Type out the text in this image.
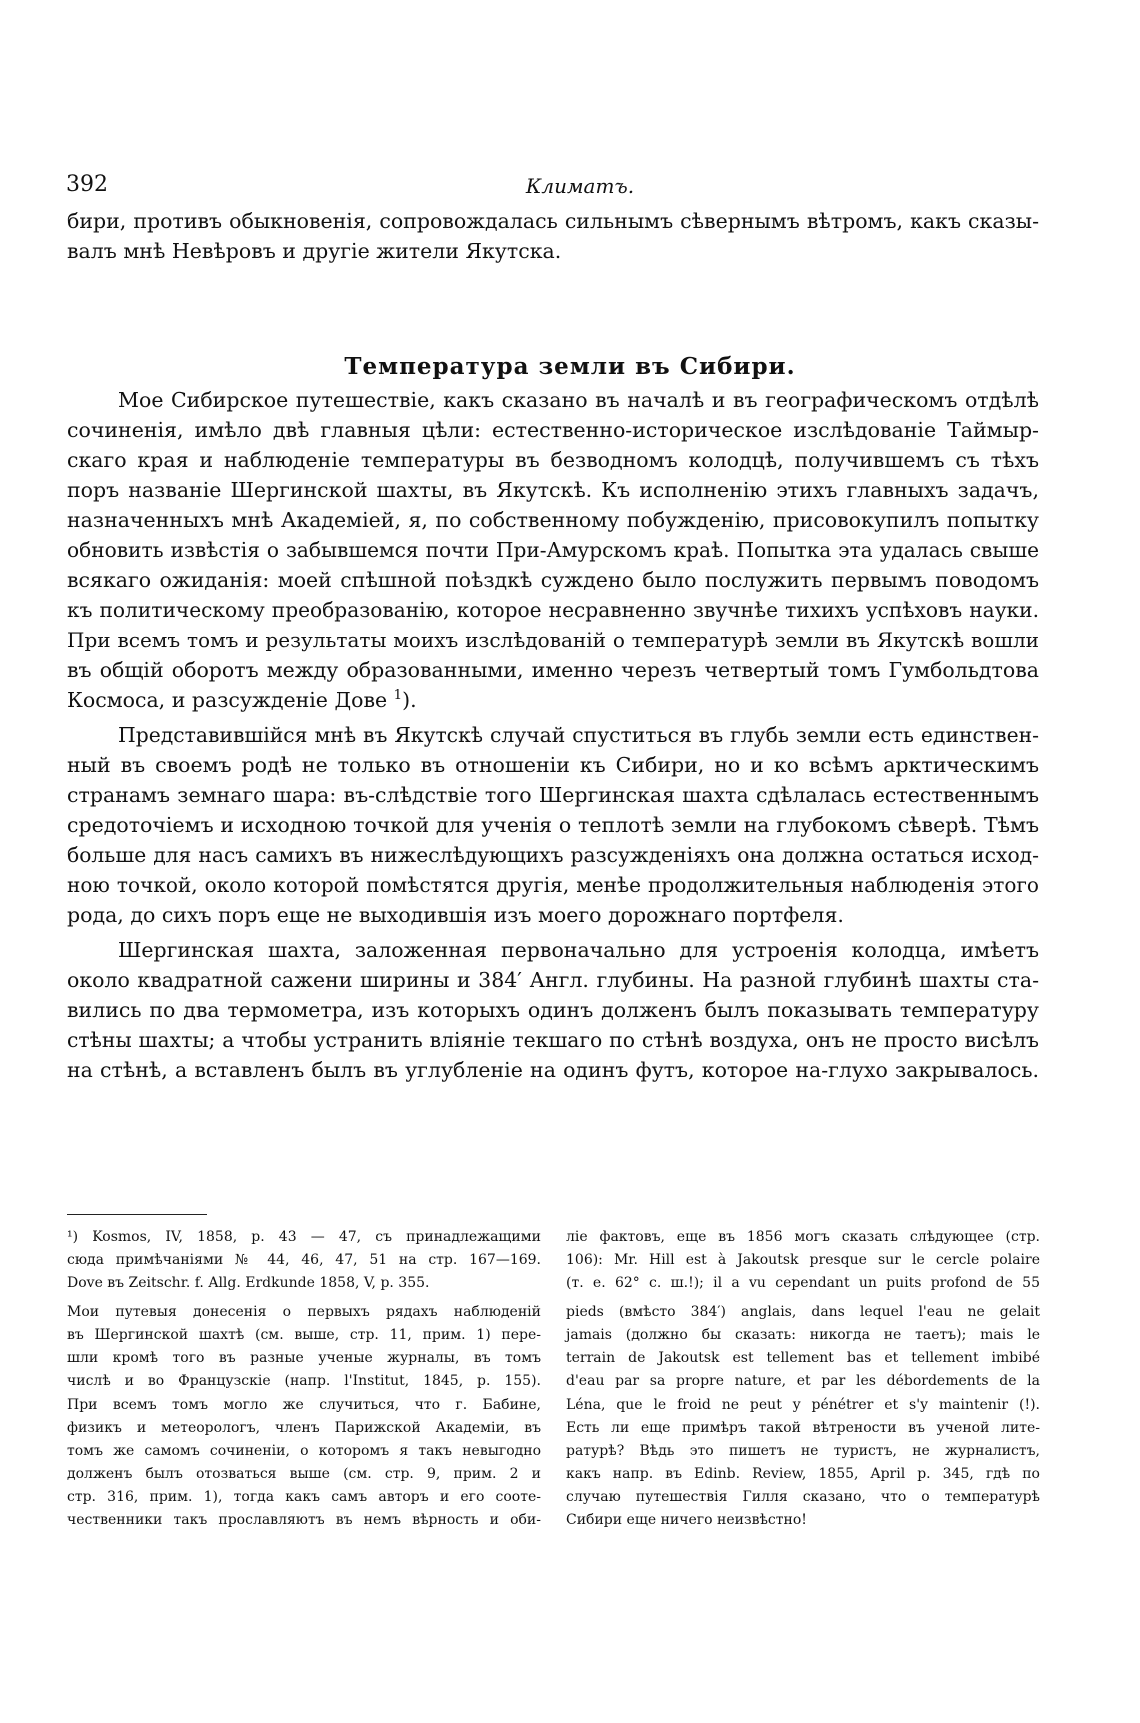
392	Климатъ.
бири, противъ обыкновенія, сопровождалась сильнымъ сѣвернымъ вѣтромъ, какъ сказы-
валъ мнѣ Невѣровъ и другіе жители Якутска.
Температура земли въ Сибири.
Мое Сибирское путешествіе, какъ сказано въ началѣ и въ географическомъ отдѣлѣ
сочиненія, имѣло двѣ главныя цѣли: естественно-историческое изслѣдованіе Таймыр-
скаго края и наблюденіе температуры въ безводномъ колодцѣ, получившемъ съ тѣхъ
поръ названіе Шергинской шахты, въ Якутскѣ. Къ исполненію этихъ главныхъ задачъ,
назначенныхъ мнѣ Академіей, я, по собственному побужденію, присовокупилъ попытку
обновить извѣстія о забывшемся почти При-Амурскомъ краѣ. Попытка эта удалась свыше
всякаго ожиданія: моей спѣшной поѣздкѣ суждено было послужить первымъ поводомъ
къ политическому преобразованію, которое несравненно звучнѣе тихихъ успѣховъ науки.
При всемъ томъ и результаты моихъ изслѣдованій о температурѣ земли въ Якутскѣ вошли
въ общій оборотъ между образованными, именно черезъ четвертый томъ Гумбольдтова
Космоса, и разсужденіе Дове $^1$).
Представившійся мнѣ въ Якутскѣ случай спуститься въ глубь земли есть единствен-
ный въ своемъ родѣ не только въ отношеніи къ Сибири, но и ко всѣмъ арктическимъ
странамъ земнаго шара: въ-слѣдствіе того Шергинская шахта сдѣлалась естественнымъ
средоточіемъ и исходною точкой для ученія о теплотѣ земли на глубокомъ сѣверѣ. Тѣмъ
больше для насъ самихъ въ нижеслѣдующихъ разсужденіяхъ она должна остаться исход-
ною точкой, около которой помѣстятся другія, менѣе продолжительныя наблюденія этого
рода, до сихъ поръ еще не выходившія изъ моего дорожнаго портфеля.
Шергинская шахта, заложенная первоначально для устроенія колодца, имѣетъ
около квадратной сажени ширины и 384′ Англ. глубины. На разной глубинѣ шахты ста-
вились по два термометра, изъ которыхъ одинъ долженъ былъ показывать температуру
стѣны шахты; а чтобы устранить вліяніе текшаго по стѣнѣ воздуха, онъ не просто висѣлъ
на стѣнѣ, а вставленъ былъ въ углубленіе на одинъ футъ, которое на-глухо закрывалось.
¹) Kosmos, IV, 1858, p. 43 — 47, съ принадлежащими
сюда примѣчаніями № 44, 46, 47, 51 на стр. 167—169.
Dove въ Zeitschr. f. Allg. Erdkunde 1858, V, p. 355.
Мои путевыя донесенія о первыхъ рядахъ наблюденій
въ Шергинской шахтѣ (см. выше, стр. 11, прим. 1) пере-
шли кромѣ того въ разные ученые журналы, въ томъ
числѣ и во Французскіе (напр. l'Institut, 1845, p. 155).
При всемъ томъ могло же случиться, что г. Бабине,
физикъ и метеорологъ, членъ Парижской Академіи, въ
томъ же самомъ сочиненіи, о которомъ я такъ невыгодно
долженъ былъ отозваться выше (см. стр. 9, прим. 2 и
стр. 316, прим. 1), тогда какъ самъ авторъ и его сооте-
чественники такъ прославляютъ въ немъ вѣрность и оби-
ліе фактовъ, еще въ 1856 могъ сказать слѣдующее (стр.
106): Mr. Hill est à Jakoutsk presque sur le cercle polaire
(т. е. 62° с. ш.!); il a vu cependant un puits profond de 55
pieds (вмѣсто 384′) anglais, dans lequel l'eau ne gelait
jamais (должно бы сказать: никогда не таетъ); mais le
terrain de Jakoutsk est tellement bas et tellement imbibé
d'eau par sa propre nature, et par les débordements de la
Léna, que le froid ne peut y pénétrer et s'y maintenir (!).
Есть ли еще примѣръ такой вѣтрености въ ученой лите-
ратурѣ? Вѣдь это пишетъ не туристъ, не журналистъ,
какъ напр. въ Edinb. Review, 1855, April p. 345, гдѣ по
случаю путешествія Гилля сказано, что о температурѣ
Сибири еще ничего неизвѣстно!
